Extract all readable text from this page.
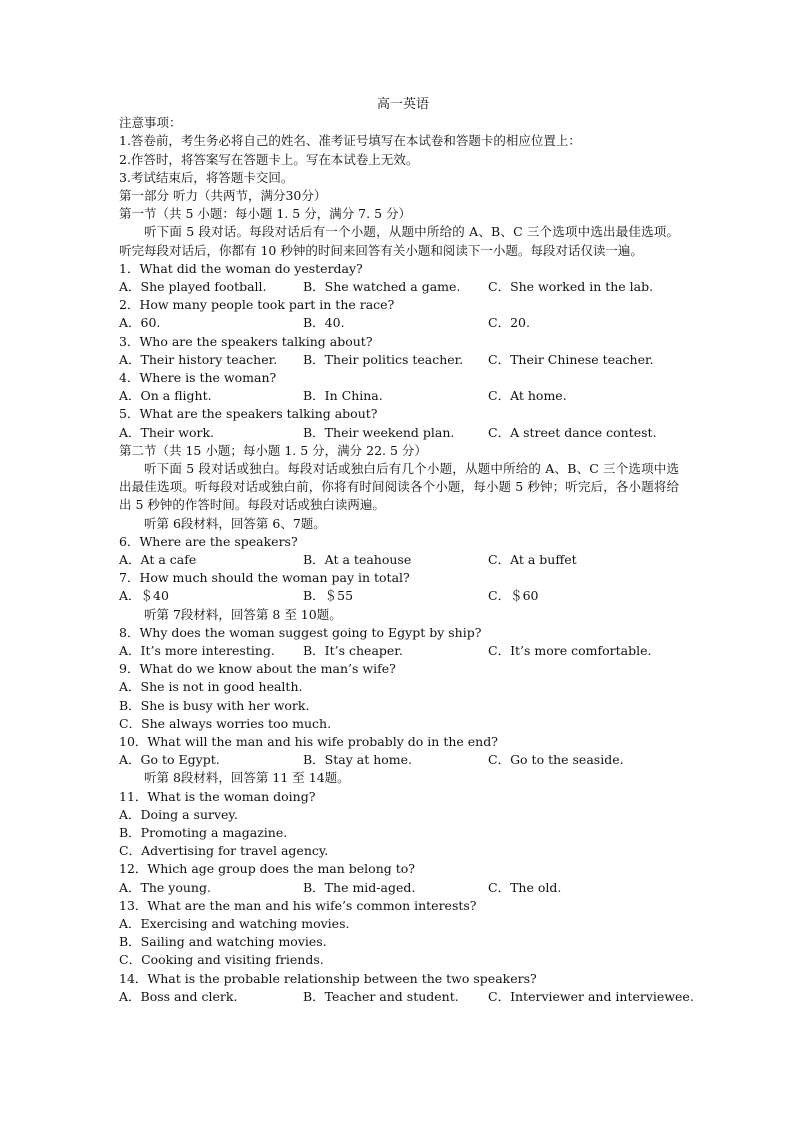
高一英语
注意事项：
1.答卷前，考生务必将自己的姓名、准考证号填写在本试卷和答题卡的相应位置上：
2.作答时，将答案写在答题卡上。写在本试卷上无效。
3.考试结束后，将答题卡交回。
第一部分 听力（共两节，满分30分）
第一节（共 5 小题：每小题 1. 5 分，满分 7. 5 分）
听下面 5 段对话。每段对话后有一个小题，从题中所给的 A、B、C 三个选项中选出最佳选项。听完每段对话后，你都有 10 秒钟的时间来回答有关小题和阅读下一小题。每段对话仅读一遍。
1．What did the woman do yesterday?
A．She played football.	B．She watched a game. C．She worked in the lab.
2．How many people took part in the race?
A．60.	B．40.	C．20.
3．Who are the speakers talking about?
A．Their history teacher. B．Their politics teacher. C．Their Chinese teacher.
4．Where is the woman?
A．On a flight.	B．In China.	C．At home.
5．What are the speakers talking about?
A．Their work.	B．Their weekend plan.	C．A street dance contest.
第二节（共 15 小题；每小题 1. 5 分，满分 22. 5 分）
听下面 5 段对话或独白。每段对话或独白后有几个小题，从题中所给的 A、B、C 三个选项中选出最佳选项。听每段对话或独白前，你将有时间阅读各个小题，每小题 5 秒钟；听完后，各小题将给出 5 秒钟的作答时间。每段对话或独白读两遍。
听第 6段材料，回答第 6、7题。
6．Where are the speakers?
A．At a cafe	B．At a teahouse	C．At a buffet
7．How much should the woman pay in total?
A．＄40	B．＄55	C．＄60
听第 7段材料，回答第 8 至 10题。
8．Why does the woman suggest going to Egypt by ship?
A．It’s more interesting. B．It’s cheaper.	C．It’s more comfortable.
9．What do we know about the man’s wife?
A．She is not in good health.
B．She is busy with her work.
C．She always worries too much.
10．What will the man and his wife probably do in the end?
A．Go to Egypt.	B．Stay at home.	C．Go to the seaside.
听第 8段材料，回答第 11 至 14题。
11．What is the woman doing?
A．Doing a survey.
B．Promoting a magazine.
C．Advertising for travel agency.
12．Which age group does the man belong to?
A．The young.	B．The mid-aged.	C．The old.
13．What are the man and his wife’s common interests?
A．Exercising and watching movies.
B．Sailing and watching movies.
C．Cooking and visiting friends.
14．What is the probable relationship between the two speakers?
A．Boss and clerk.	B．Teacher and student. C．Interviewer and interviewee.
